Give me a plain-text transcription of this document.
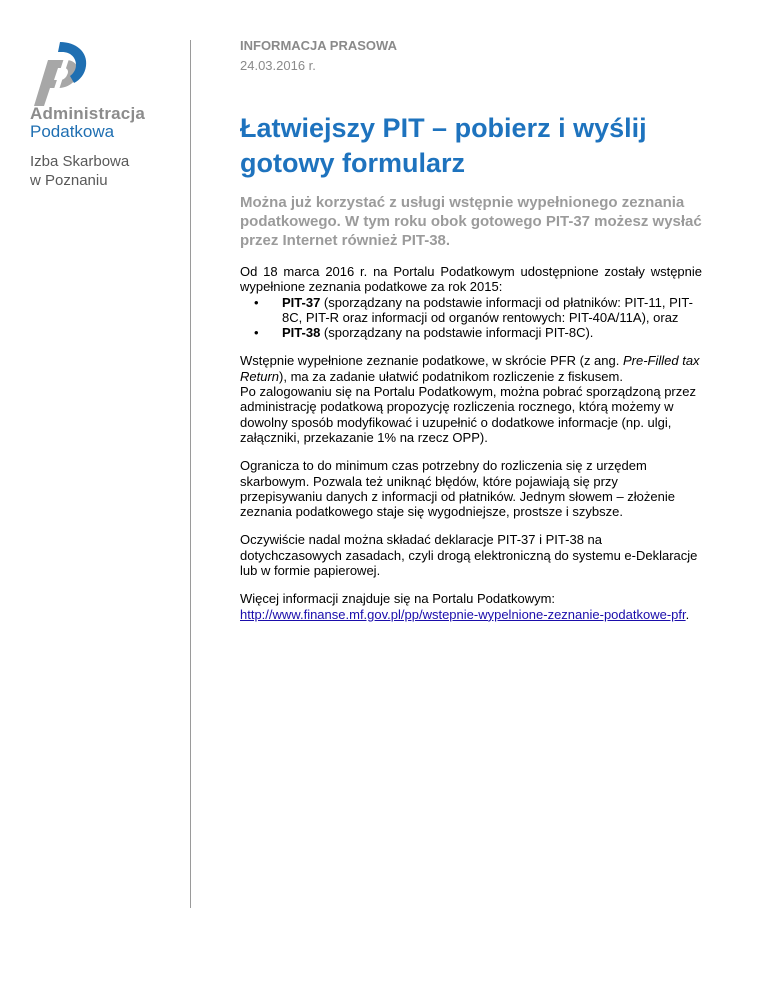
Administracja
Podatkowa
Izba Skarbowa
w Poznaniu
INFORMACJA PRASOWA
24.03.2016 r.
Łatwiejszy PIT – pobierz i wyślij gotowy formularz

Można już korzystać z usługi wstępnie wypełnionego zeznania podatkowego. W tym roku obok gotowego PIT-37 możesz wysłać przez Internet również PIT-38.

Od 18 marca 2016 r. na Portalu Podatkowym udostępnione zostały wstępnie wypełnione zeznania podatkowe za rok 2015:

• PIT-37 (sporządzany na podstawie informacji od płatników: PIT-11, PIT-8C, PIT-R oraz informacji od organów rentowych: PIT-40A/11A), oraz
• PIT-38 (sporządzany na podstawie informacji PIT-8C).

Wstępnie wypełnione zeznanie podatkowe, w skrócie PFR (z ang. Pre-Filled tax Return), ma za zadanie ułatwić podatnikom rozliczenie z fiskusem.
Po zalogowaniu się na Portalu Podatkowym, można pobrać sporządzoną przez administrację podatkową propozycję rozliczenia rocznego, którą możemy w dowolny sposób modyfikować i uzupełnić o dodatkowe informacje (np. ulgi, załączniki, przekazanie 1% na rzecz OPP).

Ogranicza to do minimum czas potrzebny do rozliczenia się z urzędem skarbowym. Pozwala też uniknąć błędów, które pojawiają się przy przepisywaniu danych z informacji od płatników. Jednym słowem – złożenie zeznania podatkowego staje się wygodniejsze, prostsze i szybsze.

Oczywiście nadal można składać deklaracje PIT-37 i PIT-38 na dotychczasowych zasadach, czyli drogą elektroniczną do systemu e-Deklaracje lub w formie papierowej.

Więcej informacji znajduje się na Portalu Podatkowym:
http://www.finanse.mf.gov.pl/pp/wstepnie-wypelnione-zeznanie-podatkowe-pfr.
